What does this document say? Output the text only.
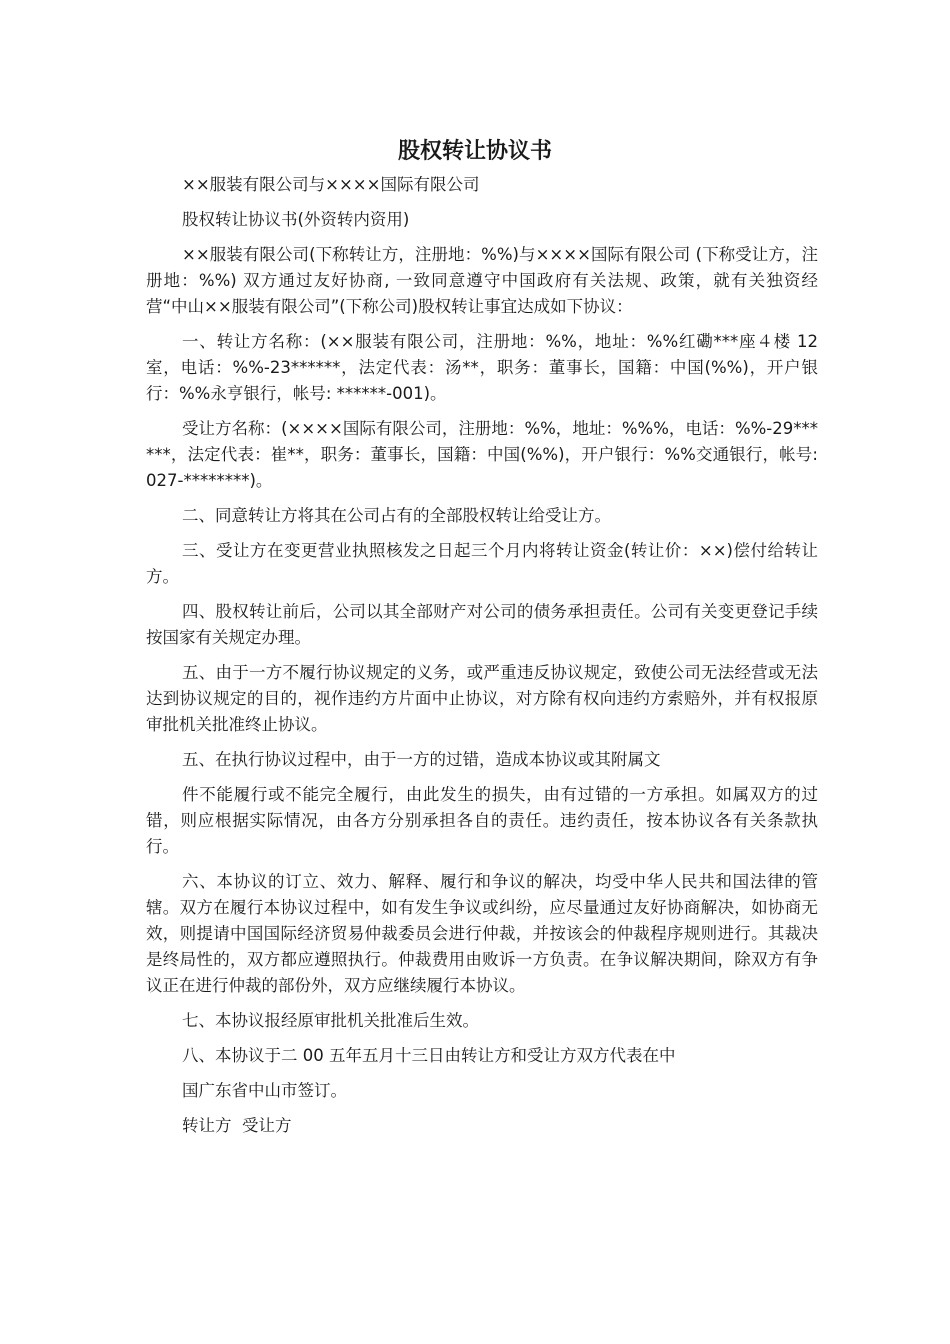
股权转让协议书

××服装有限公司与××××国际有限公司

股权转让协议书(外资转内资用)

××服装有限公司(下称转让方，注册地：%%)与××××国际有限公司 (下称受让方，注册地：%%) 双方通过友好协商, 一致同意遵守中国政府有关法规、政策，就有关独资经营“中山××服装有限公司”(下称公司)股权转让事宜达成如下协议：

一、转让方名称：(××服装有限公司，注册地：%%，地址：%%红磡***座４楼 12 室，电话：%%-23******，法定代表：汤**，职务：董事长，国籍：中国(%%)，开户银行：%%永亨银行，帐号: ******-001)。

受让方名称：(××××国际有限公司，注册地：%%，地址：%%%，电话：%%-29******，法定代表：崔**，职务：董事长，国籍：中国(%%)，开户银行：%%交通银行，帐号: 027-********)。

二、同意转让方将其在公司占有的全部股权转让给受让方。

三、受让方在变更营业执照核发之日起三个月内将转让资金(转让价：××)偿付给转让方。

四、股权转让前后，公司以其全部财产对公司的债务承担责任。公司有关变更登记手续按国家有关规定办理。

五、由于一方不履行协议规定的义务，或严重违反协议规定，致使公司无法经营或无法达到协议规定的目的，视作违约方片面中止协议，对方除有权向违约方索赔外，并有权报原审批机关批准终止协议。

五、在执行协议过程中，由于一方的过错，造成本协议或其附属文

件不能履行或不能完全履行，由此发生的损失，由有过错的一方承担。如属双方的过错，则应根据实际情况，由各方分别承担各自的责任。违约责任，按本协议各有关条款执行。

六、本协议的订立、效力、解释、履行和争议的解决，均受中华人民共和国法律的管辖。双方在履行本协议过程中，如有发生争议或纠纷，应尽量通过友好协商解决，如协商无效，则提请中国国际经济贸易仲裁委员会进行仲裁，并按该会的仲裁程序规则进行。其裁决是终局性的，双方都应遵照执行。仲裁费用由败诉一方负责。在争议解决期间，除双方有争议正在进行仲裁的部份外，双方应继续履行本协议。

七、本协议报经原审批机关批准后生效。

八、本协议于二 00 五年五月十三日由转让方和受让方双方代表在中

国广东省中山市签订。

转让方  受让方
